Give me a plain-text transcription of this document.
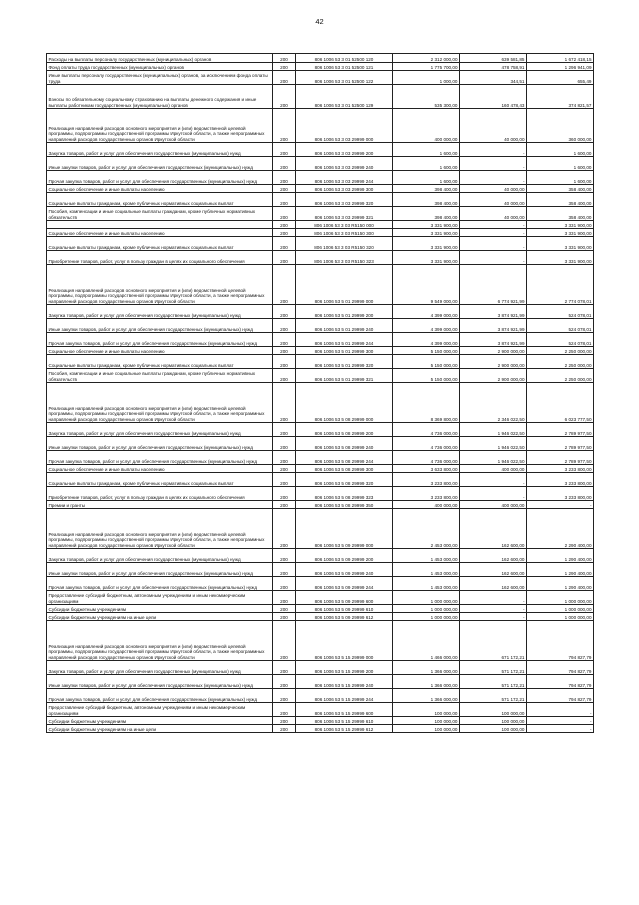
42
Расходы на выплаты персоналу государственных (муниципальных) органов	200	806 1006 53 3 01 52500 120	2 312 000,00	639 581,85	1 672 418,15
Фонд оплаты труда государственных (муниципальных) органов	200	806 1006 53 3 01 52500 121	1 775 700,00	478 758,91	1 296 941,09
Иные выплаты персоналу государственных (муниципальных) органов, за исключением фонда оплаты труда	200	806 1006 53 3 01 52500 122	1 000,00	344,51	655,49
Взносы по обязательному социальному страхованию на выплаты денежного содержания и иные выплаты работникам государственных (муниципальных) органов	200	806 1006 53 3 01 52500 129	535 300,00	160 478,43	374 821,57
Реализация направлений расходов основного мероприятия и (или) ведомственной целевой программы, подпрограммы государственной программы Иркутской области, а также непрограммных направлений расходов государственных органов Иркутской области	200	806 1006 53 3 03 29999 000	400 000,00	40 000,00	360 000,00
Закупка товаров, работ и услуг для обеспечения государственных (муниципальных) нужд	200	806 1006 53 3 03 29999 200	1 600,00	-	1 600,00
Иные закупки товаров, работ и услуг для обеспечения государственных (муниципальных) нужд	200	806 1006 53 3 03 29999 240	1 600,00	-	1 600,00
Прочая закупка товаров, работ и услуг для обеспечения государственных (муниципальных) нужд	200	806 1006 53 3 03 29999 244	1 600,00	-	1 600,00
Социальное обеспечение и иные выплаты населению	200	806 1006 53 3 03 29999 300	398 400,00	40 000,00	358 400,00
Социальные выплаты гражданам, кроме публичных нормативных социальных выплат	200	806 1006 53 3 03 29999 320	398 400,00	40 000,00	358 400,00
Пособия, компенсации и иные социальные выплаты гражданам, кроме публичных нормативных обязательств	200	806 1006 53 3 03 29999 321	398 400,00	40 000,00	358 400,00
	200	806 1006 53 3 03 R5150 000	3 331 900,00	-	3 331 900,00
Социальное обеспечение и иные выплаты населению	200	806 1006 53 3 03 R5150 300	3 331 900,00	-	3 331 900,00
Социальные выплаты гражданам, кроме публичных нормативных социальных выплат	200	806 1006 53 3 03 R5150 320	3 331 900,00	-	3 331 900,00
Приобретение товаров, работ, услуг в пользу граждан в целях их социального обеспечения	200	806 1006 53 3 03 R5150 323	3 331 900,00	-	3 331 900,00
Реализация направлений расходов основного мероприятия и (или) ведомственной целевой программы, подпрограммы государственной программы Иркутской области, а также непрограммных направлений расходов государственных органов Иркутской области	200	806 1006 53 5 01 29999 000	9 549 000,00	6 774 921,99	2 774 078,01
Закупка товаров, работ и услуг для обеспечения государственных (муниципальных) нужд	200	806 1006 53 5 01 29999 200	4 399 000,00	3 874 921,99	524 078,01
Иные закупки товаров, работ и услуг для обеспечения государственных (муниципальных) нужд	200	806 1006 53 5 01 29999 240	4 399 000,00	3 874 921,99	524 078,01
Прочая закупка товаров, работ и услуг для обеспечения государственных (муниципальных) нужд	200	806 1006 53 5 01 29999 244	4 399 000,00	3 874 921,99	524 078,01
Социальное обеспечение и иные выплаты населению	200	806 1006 53 5 01 29999 300	5 150 000,00	2 900 000,00	2 250 000,00
Социальные выплаты гражданам, кроме публичных нормативных социальных выплат	200	806 1006 53 5 01 29999 320	5 150 000,00	2 900 000,00	2 250 000,00
Пособия, компенсации и иные социальные выплаты гражданам, кроме публичных нормативных обязательств	200	806 1006 53 5 01 29999 321	5 150 000,00	2 900 000,00	2 250 000,00
Реализация направлений расходов основного мероприятия и (или) ведомственной целевой программы, подпрограммы государственной программы Иркутской области, а также непрограммных направлений расходов государственных органов Иркутской области	200	806 1006 53 5 08 29999 000	8 369 800,00	2 346 022,50	6 023 777,50
Закупка товаров, работ и услуг для обеспечения государственных (муниципальных) нужд	200	806 1006 53 5 08 29999 200	4 736 000,00	1 946 022,50	2 789 977,50
Иные закупки товаров, работ и услуг для обеспечения государственных (муниципальных) нужд	200	806 1006 53 5 08 29999 240	4 736 000,00	1 946 022,50	2 789 977,50
Прочая закупка товаров, работ и услуг для обеспечения государственных (муниципальных) нужд	200	806 1006 53 5 08 29999 244	4 736 000,00	1 946 022,50	2 789 977,50
Социальное обеспечение и иные выплаты населению	200	806 1006 53 5 08 29999 300	3 633 800,00	400 000,00	3 233 800,00
Социальные выплаты гражданам, кроме публичных нормативных социальных выплат	200	806 1006 53 5 08 29999 320	3 233 800,00	-	3 233 800,00
Приобретение товаров, работ, услуг в пользу граждан в целях их социального обеспечения	200	806 1006 53 5 08 29999 323	3 233 800,00	-	3 233 800,00
Премии и гранты	200	806 1006 53 5 08 29999 350	400 000,00	400 000,00	-
Реализация направлений расходов основного мероприятия и (или) ведомственной целевой программы, подпрограммы государственной программы Иркутской области, а также непрограммных направлений расходов государственных органов Иркутской области	200	806 1006 53 5 09 29999 000	2 453 000,00	162 600,00	2 290 400,00
Закупка товаров, работ и услуг для обеспечения государственных (муниципальных) нужд	200	806 1006 53 5 09 29999 200	1 453 000,00	162 600,00	1 290 400,00
Иные закупки товаров, работ и услуг для обеспечения государственных (муниципальных) нужд	200	806 1006 53 5 09 29999 240	1 453 000,00	162 600,00	1 290 400,00
Прочая закупка товаров, работ и услуг для обеспечения государственных (муниципальных) нужд	200	806 1006 53 5 09 29999 244	1 453 000,00	162 600,00	1 290 400,00
Предоставление субсидий бюджетным, автономным учреждениям и иным некоммерческим организациям	200	806 1006 53 5 09 29999 600	1 000 000,00	-	1 000 000,00
Субсидии бюджетным учреждениям	200	806 1006 53 5 09 29999 610	1 000 000,00	-	1 000 000,00
Субсидии бюджетным учреждениям на иные цели	200	806 1006 53 5 09 29999 612	1 000 000,00	-	1 000 000,00
Реализация направлений расходов основного мероприятия и (или) ведомственной целевой программы, подпрограммы государственной программы Иркутской области, а также непрограммных направлений расходов государственных органов Иркутской области	200	806 1006 53 5 15 29999 000	1 466 000,00	671 172,21	794 827,79
Закупка товаров, работ и услуг для обеспечения государственных (муниципальных) нужд	200	806 1006 53 5 15 29999 200	1 366 000,00	571 172,21	794 827,79
Иные закупки товаров, работ и услуг для обеспечения государственных (муниципальных) нужд	200	806 1006 53 5 15 29999 240	1 366 000,00	571 172,21	794 827,79
Прочая закупка товаров, работ и услуг для обеспечения государственных (муниципальных) нужд	200	806 1006 53 5 15 29999 244	1 366 000,00	571 172,21	794 827,79
Предоставление субсидий бюджетным, автономным учреждениям и иным некоммерческим организациям	200	806 1006 53 5 15 29999 600	100 000,00	100 000,00	-
Субсидии бюджетным учреждениям	200	806 1006 53 5 15 29999 610	100 000,00	100 000,00	-
Субсидии бюджетным учреждениям на иные цели	200	806 1006 53 5 15 29999 612	100 000,00	100 000,00	-
